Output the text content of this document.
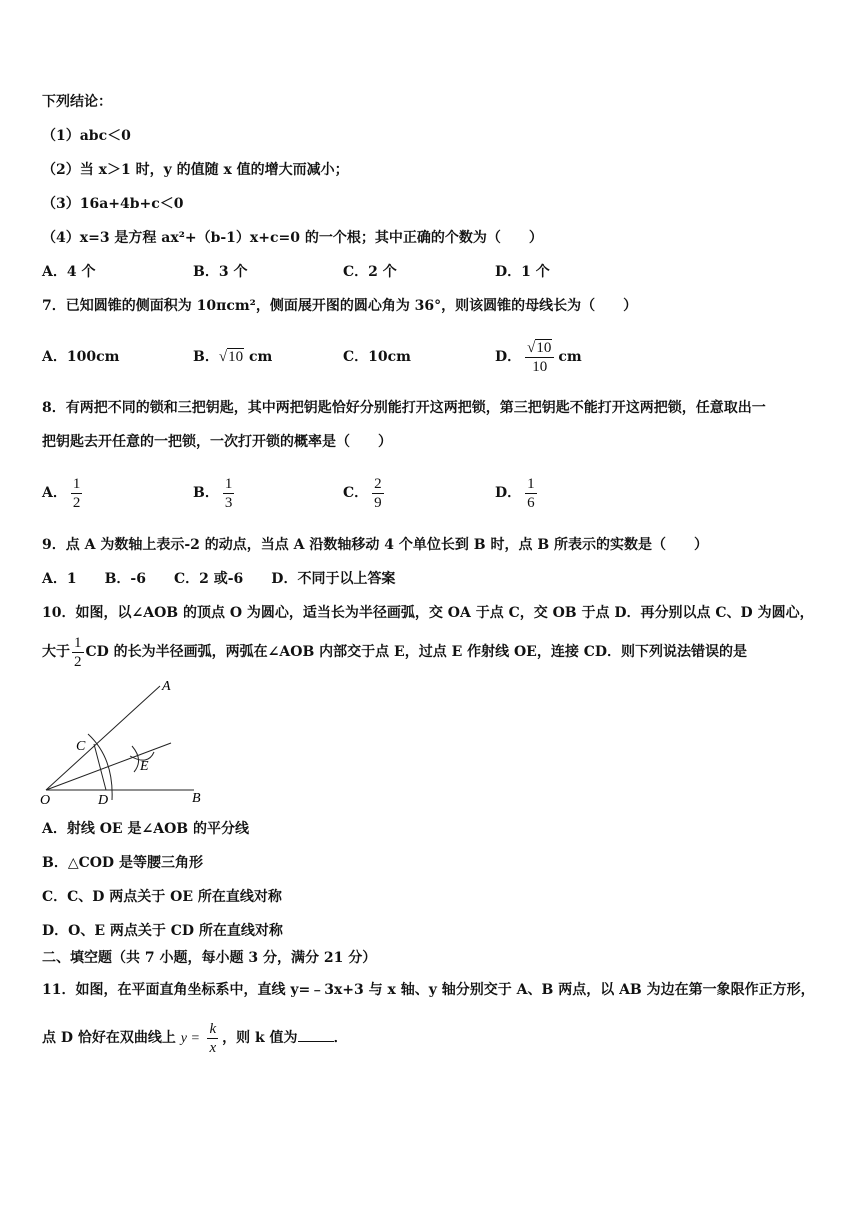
下列结论：
（1）abc＜0
（2）当 x＞1 时，y 的值随 x 值的增大而减小；
（3）16a+4b+c＜0
（4）x=3 是方程 ax²+（b-1）x+c=0 的一个根；其中正确的个数为（　　）
A．4 个	B．3 个	C．2 个	D．1 个
7．已知圆锥的侧面积为 10πcm²，侧面展开图的圆心角为 36°，则该圆锥的母线长为（　　）
A．100cm	B．√10 cm	C．10cm	D． $\frac{√10}{10}$ cm
8．有两把不同的锁和三把钥匙，其中两把钥匙恰好分别能打开这两把锁，第三把钥匙不能打开这两把锁，任意取出一
把钥匙去开任意的一把锁，一次打开锁的概率是（　　）
A． $\frac{1}{2}$	B． $\frac{1}{3}$	C． $\frac{2}{9}$	D． $\frac{1}{6}$
9．点 A 为数轴上表示-2 的动点，当点 A 沿数轴移动 4 个单位长到 B 时，点 B 所表示的实数是（　　）
A．1　　B．-6　　C．2 或-6　　D．不同于以上答案
10．如图，以∠AOB 的顶点 O 为圆心，适当长为半径画弧，交 OA 于点 C，交 OB 于点 D．再分别以点 C、D 为圆心，
大于 $\frac{1}{2}$ CD 的长为半径画弧，两弧在∠AOB 内部交于点 E，过点 E 作射线 OE，连接 CD．则下列说法错误的是
A
C
E
O	D	B
A．射线 OE 是∠AOB 的平分线
B．△COD 是等腰三角形
C．C、D 两点关于 OE 所在直线对称
D．O、E 两点关于 CD 所在直线对称
二、填空题（共 7 小题，每小题 3 分，满分 21 分）
11．如图，在平面直角坐标系中，直线 y=﹣3x+3 与 x 轴、y 轴分别交于 A、B 两点，以 AB 为边在第一象限作正方形，
点 D 恰好在双曲线上 $y = \frac{k}{x}$ ，则 k 值为	．
